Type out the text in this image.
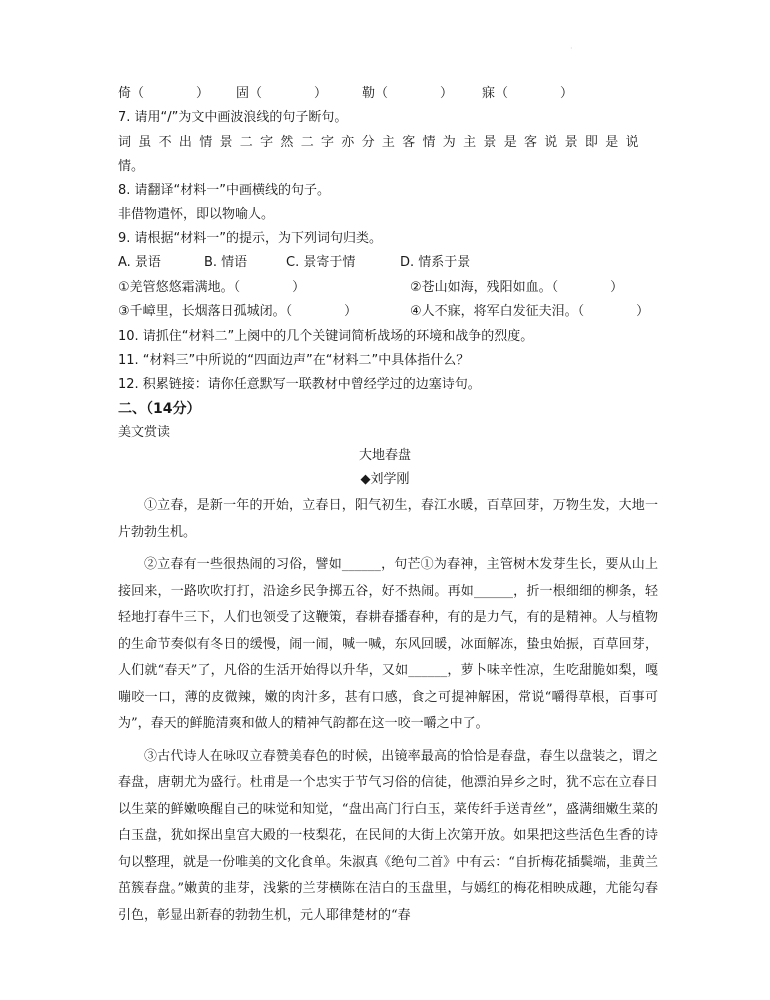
·
倚（　　　　） 固（　　　　）	勒（　　　　） 寐（　　　　）
7. 请用“/”为文中画波浪线的句子断句。
词虽不出情景二字然二字亦分主客情为主景是客说景即是说
情。
8. 请翻译“材料一”中画横线的句子。
非借物遣怀，即以物喻人。
9. 请根据“材料一”的提示，为下列词句归类。
A. 景语	B. 情语	C. 景寄于情	D. 情系于景
①羌管悠悠霜满地。（　　　　）	②苍山如海，残阳如血。（　　　　）
③千嶂里，长烟落日孤城闭。（　　　　）	④人不寐，将军白发征夫泪。（　　　　）
10. 请抓住“材料二”上阕中的几个关键词简析战场的环境和战争的烈度。
11. “材料三”中所说的“四面边声”在“材料二”中具体指什么？
12. 积累链接：请你任意默写一联教材中曾经学过的边塞诗句。
二、（14分）
美文赏读
大地春盘
◆刘学刚

①立春，是新一年的开始，立春日，阳气初生，春江水暖，百草回芽，万物生发，大地一片勃勃生机。

②立春有一些很热闹的习俗，譬如______，句芒①为春神，主管树木发芽生长，要从山上接回来，一路吹吹打打，沿途乡民争掷五谷，好不热闹。再如______，折一根细细的柳条，轻轻地打春牛三下，人们也领受了这鞭策，春耕春播春种，有的是力气，有的是精神。人与植物的生命节奏似有冬日的缓慢，闹一闹，喊一喊，东风回暖，冰面解冻，蛰虫始振，百草回芽，人们就“春天”了，凡俗的生活开始得以升华，又如______，萝卜味辛性凉，生吃甜脆如梨，嘎嘣咬一口，薄的皮微辣，嫩的肉汁多，甚有口感，食之可提神解困，常说“嚼得草根，百事可为”，春天的鲜脆清爽和做人的精神气韵都在这一咬一嚼之中了。

③古代诗人在咏叹立春赞美春色的时候，出镜率最高的恰恰是春盘，春生以盘装之，谓之春盘，唐朝尤为盛行。杜甫是一个忠实于节气习俗的信徒，他漂泊异乡之时，犹不忘在立春日以生菜的鲜嫩唤醒自己的味觉和知觉，“盘出高门行白玉，菜传纤手送青丝”，盛满细嫩生菜的白玉盘，犹如探出皇宫大殿的一枝梨花，在民间的大街上次第开放。如果把这些活色生香的诗句以整理，就是一份唯美的文化食单。朱淑真《绝句二首》中有云：“自折梅花插鬓端，韭黄兰茁簇春盘。”嫩黄的韭芽，浅紫的兰芽横陈在洁白的玉盘里，与嫣红的梅花相映成趣，尤能勾春引色，彰显出新春的勃勃生机，元人耶律楚材的“春
